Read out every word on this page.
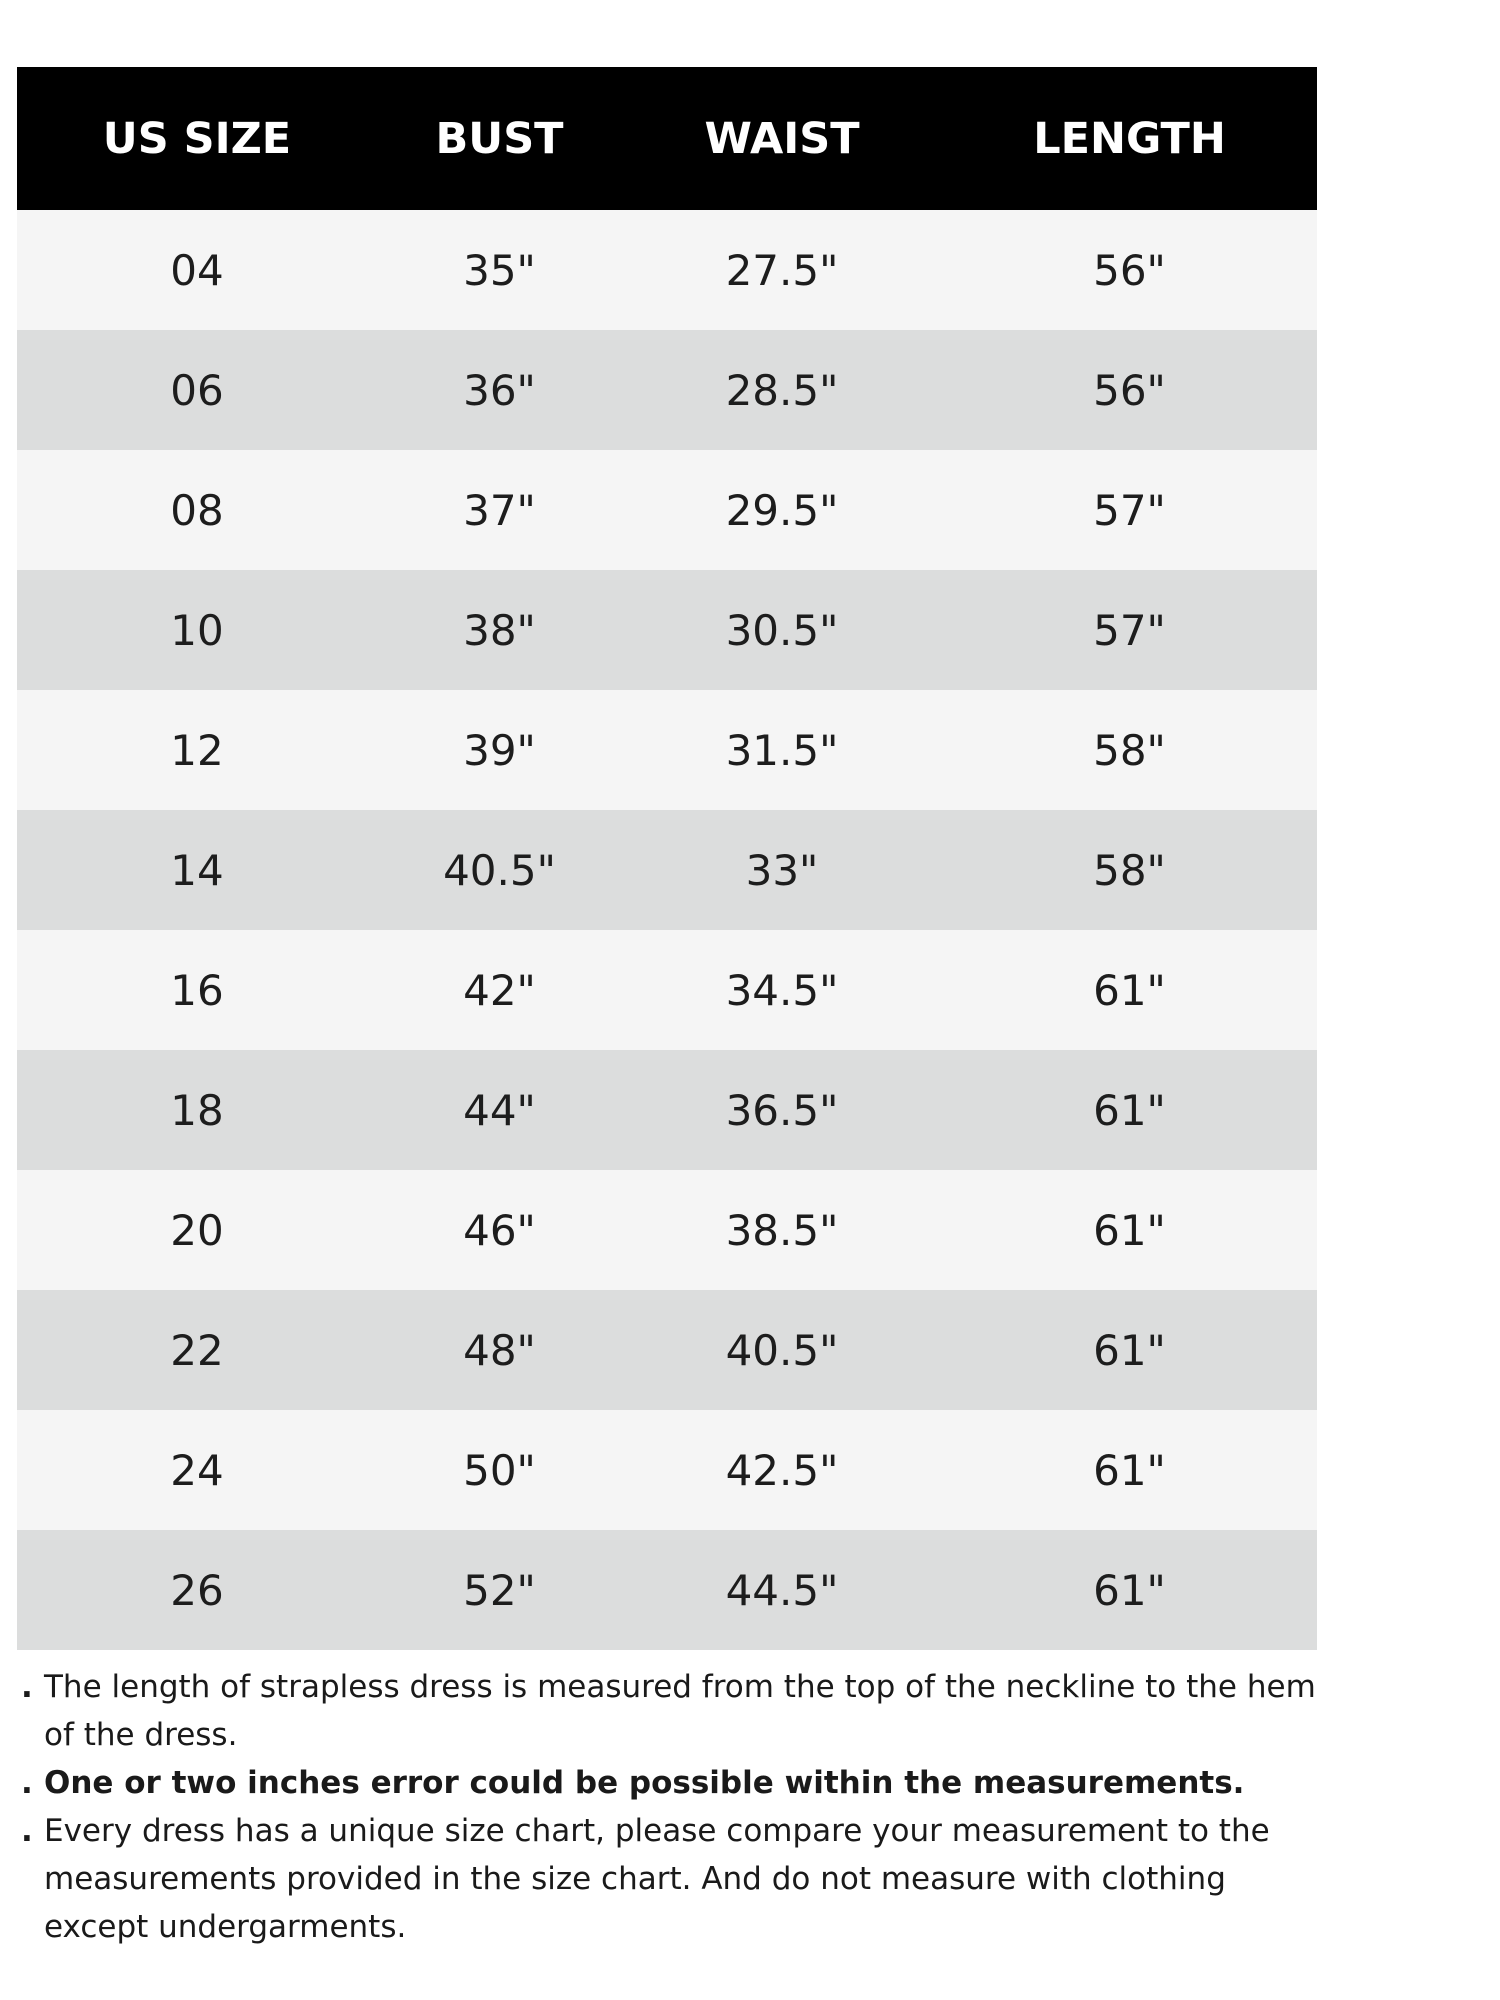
US SIZE	BUST	WAIST	LENGTH
04	35"	27.5"	56"
06	36"	28.5"	56"
08	37"	29.5"	57"
10	38"	30.5"	57"
12	39"	31.5"	58"
14	40.5"	33"	58"
16	42"	34.5"	61"
18	44"	36.5"	61"
20	46"	38.5"	61"
22	48"	40.5"	61"
24	50"	42.5"	61"
26	52"	44.5"	61"
. The length of strapless dress is measured from the top of the neckline to the hem of the dress.
. One or two inches error could be possible within the measurements.
. Every dress has a unique size chart, please compare your measurement to the measurements provided in the size chart. And do not measure with clothing except undergarments.
